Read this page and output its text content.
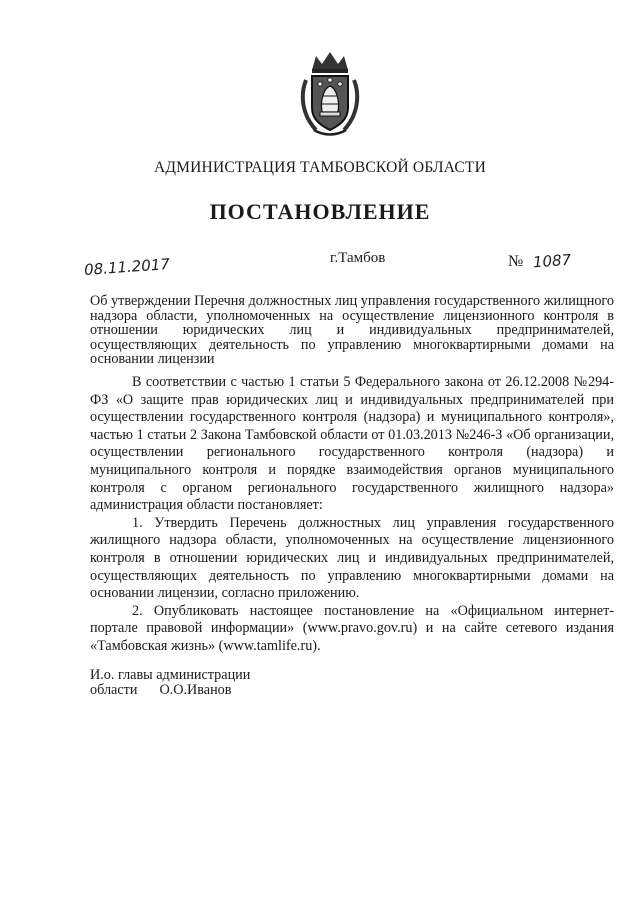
АДМИНИСТРАЦИЯ ТАМБОВСКОЙ ОБЛАСТИ
ПОСТАНОВЛЕНИЕ
08.11.2017	г.Тамбов	№ 1087
Об утверждении Перечня должностных лиц управления государственного жилищного надзора области, уполномоченных на осуществление лицензионного контроля в отношении юридических лиц и индивидуальных предпринимателей, осуществляющих деятельность по управлению многоквартирными домами на основании лицензии

В соответствии с частью 1 статьи 5 Федерального закона от 26.12.2008 №294-ФЗ «О защите прав юридических лиц и индивидуальных предпринимателей при осуществлении государственного контроля (надзора) и муниципального контроля», частью 1 статьи 2 Закона Тамбовской области от 01.03.2013 №246-З «Об организации, осуществлении регионального государственного контроля (надзора) и муниципального контроля и порядке взаимодействия органов муниципального контроля с органом регионального государственного жилищного надзора» администрация области постановляет:

1. Утвердить Перечень должностных лиц управления государственного жилищного надзора области, уполномоченных на осуществление лицензионного контроля в отношении юридических лиц и индивидуальных предпринимателей, осуществляющих деятельность по управлению многоквартирными домами на основании лицензии, согласно приложению.

2. Опубликовать настоящее постановление на «Официальном интернет-портале правовой информации» (www.pravo.gov.ru) и на сайте сетевого издания «Тамбовская жизнь» (www.tamlife.ru).

И.о. главы администрации
области О.О.Иванов
